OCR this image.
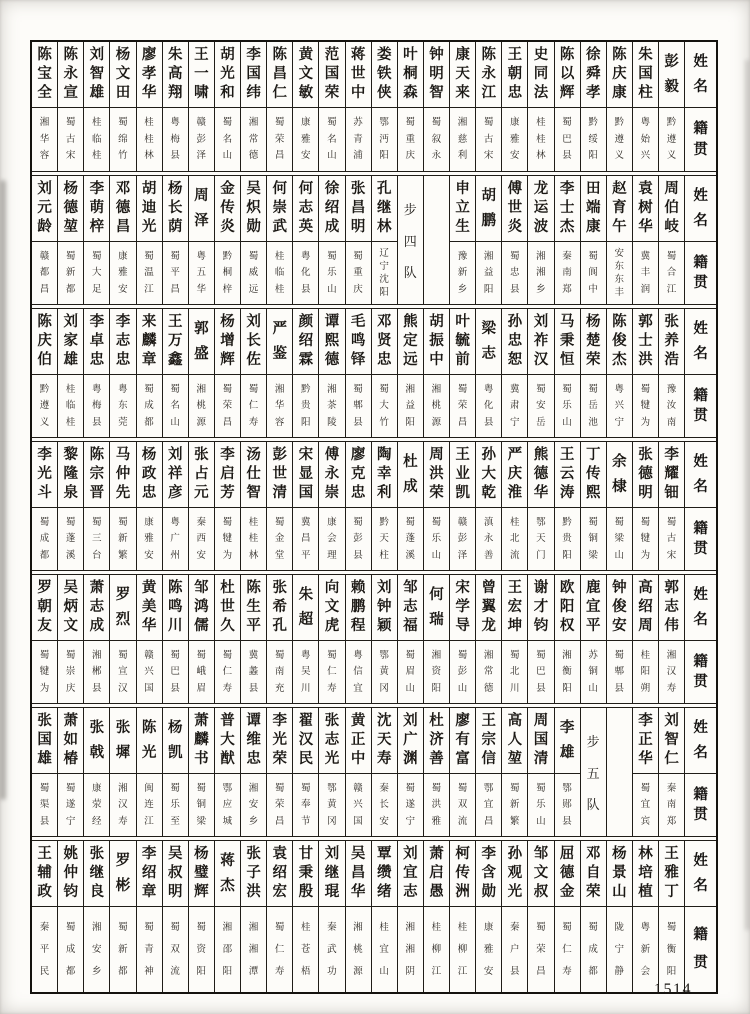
陈
宝
全
湘
华
容
陈
永
宣
蜀
古
宋
刘
智
雄
桂
临
桂
杨
文
田
蜀
绵
竹
廖
孝
华
桂
桂
林
朱
高
翔
粤
梅
县
王
一
啸
赣
彭
泽
胡
光
和
蜀
名
山
李
国
纬
湘
常
德
陈
昌
仁
蜀
荣
昌
黄
文
敏
康
雅
安
范
国
荣
蜀
名
山
蒋
世
中
苏
青
浦
娄
铁
侠
鄂
沔
阳
叶
桐
森
蜀
重
庆
钟
明
智
蜀
叙
永
康
天
来
湘
慈
利
陈
永
江
蜀
古
宋
王
朝
忠
康
雅
安
史
同
法
桂
桂
林
陈
以
辉
蜀
巴
县
徐
舜
孝
黔
绥
阳
陈
庆
康
黔
遵
义
朱
国
柱
粤
始
兴
彭
毅
黔
遵
义
姓
名
籍
贯
刘
元
龄
赣
都
昌
杨
德
堃
蜀
新
都
李
萌
梓
蜀
大
足
邓
德
昌
康
雅
安
胡
迪
光
蜀
温
江
杨
长
荫
蜀
平
昌
周
泽
粤
五
华
金
传
炎
黔
桐
梓
吴
炽
勋
蜀
威
远
何
崇
武
桂
临
桂
何
志
英
粤
化
县
徐
绍
成
蜀
乐
山
张
昌
明
蜀
重
庆
孔
继
林
辽
宁
沈
阳
步
四
队
申
立
生
豫
新
乡
胡
鹏
湘
益
阳
傅
世
炎
蜀
忠
县
龙
运
波
湘
湘
乡
李
士
杰
秦
南
郑
田
端
康
蜀
阆
中
赵
育
午
安
东
东
丰
袁
树
华
冀
丰
润
周
伯
岐
蜀
合
江
姓
名
籍
贯
陈
庆
伯
黔
遵
义
刘
家
雄
桂
临
桂
李
卓
忠
粤
梅
县
李
志
忠
粤
东
莞
来
麟
章
蜀
成
都
王
万
鑫
蜀
名
山
郭
盛
湘
桃
源
杨
增
辉
蜀
荣
昌
刘
长
佐
蜀
仁
寿
严
鉴
湘
华
容
颜
绍
霖
黔
贵
阳
谭
熙
德
湘
茶
陵
毛
鸣
铎
蜀
郫
县
邓
贤
忠
蜀
大
竹
熊
定
远
湘
益
阳
胡
振
中
湘
桃
源
叶
毓
前
蜀
荣
昌
梁
志
粤
化
县
孙
忠
恕
冀
肃
宁
刘
祚
汉
蜀
安
岳
马
秉
恒
蜀
乐
山
杨
楚
荣
蜀
岳
池
陈
俊
杰
粤
兴
宁
郭
士
洪
蜀
犍
为
张
养
浩
豫
汝
南
姓
名
籍
贯
李
光
斗
蜀
成
都
黎
隆
泉
蜀
蓬
溪
陈
宗
晋
蜀
三
台
马
仲
先
蜀
新
繁
杨
政
忠
康
雅
安
刘
祥
彦
粤
广
州
张
占
元
秦
西
安
李
启
芳
蜀
犍
为
汤
仕
智
桂
桂
林
彭
世
清
蜀
金
堂
宋
显
国
冀
昌
平
傅
永
崇
康
会
理
廖
克
忠
蜀
彭
县
陶
幸
利
黔
天
柱
杜
成
蜀
蓬
溪
周
洪
荣
蜀
乐
山
王
业
凯
赣
彭
泽
孙
大
乾
滇
永
善
严
庆
淮
桂
北
流
熊
德
华
鄂
天
门
王
云
涛
黔
贵
阳
丁
传
熙
蜀
铜
梁
余
棣
蜀
梁
山
张
德
明
蜀
犍
为
李
耀
钿
蜀
古
宋
姓
名
籍
贯
罗
朝
友
蜀
犍
为
吴
炳
文
蜀
崇
庆
萧
志
成
湘
郴
县
罗
烈
蜀
宣
汉
黄
美
华
赣
兴
国
陈
鸣
川
蜀
巴
县
邹
鸿
儒
蜀
峨
眉
杜
世
久
蜀
仁
寿
陈
生
平
冀
蠡
县
张
希
孔
蜀
南
充
朱
超
粤
吴
川
向
文
虎
蜀
仁
寿
赖
鹏
程
粤
信
宜
刘
钟
颖
鄂
黄
冈
邹
志
福
蜀
眉
山
何
瑞
湘
资
阳
宋
学
导
蜀
彭
山
曾
翼
龙
湘
常
德
王
宏
坤
蜀
北
川
谢
才
钧
蜀
巴
县
欧
阳
权
湘
衡
阳
鹿
宜
平
苏
铜
山
钟
俊
安
蜀
郫
县
高
绍
周
桂
阳
朔
郭
志
伟
湘
汉
寿
姓
名
籍
贯
张
国
雄
蜀
渠
县
萧
如
椿
蜀
遂
宁
张
戟
康
荥
经
张
墀
湘
汉
寿
陈
光
闽
连
江
杨
凯
蜀
乐
至
萧
麟
书
蜀
铜
梁
普
大
猷
鄂
应
城
谭
维
忠
湘
安
乡
李
光
荣
蜀
荣
昌
翟
汉
民
蜀
奉
节
张
志
光
鄂
黄
冈
黄
正
中
赣
兴
国
沈
天
寿
秦
长
安
刘
广
渊
蜀
遂
宁
杜
济
善
蜀
洪
雅
廖
有
富
蜀
双
流
王
宗
信
鄂
宜
昌
高
人
堃
蜀
新
繁
周
国
清
蜀
乐
山
李
雄
鄂
郧
县
步
五
队
李
正
华
蜀
宜
宾
刘
智
仁
秦
南
郑
姓
名
籍
贯
王
辅
政
秦
平
民
姚
仲
钧
蜀
成
都
张
继
良
湘
安
乡
罗
彬
蜀
新
都
李
绍
章
蜀
青
神
吴
叔
明
蜀
双
流
杨
璧
辉
蜀
资
阳
蒋
杰
湘
邵
阳
张
子
洪
湘
湘
潭
袁
绍
宏
蜀
仁
寿
甘
秉
殷
桂
苍
梧
刘
继
琨
秦
武
功
吴
昌
华
湘
桃
源
覃
缵
绪
桂
宜
山
刘
宜
志
湘
湘
阴
萧
启
愚
桂
柳
江
柯
传
洲
桂
柳
江
李
含
勋
康
雅
安
孙
观
光
秦
户
县
邹
文
叔
蜀
荣
昌
屈
德
金
蜀
仁
寿
邓
自
荣
蜀
成
都
杨
景
山
陇
宁
静
林
培
植
粤
新
会
王
雅
丁
蜀
衡
阳
姓
名
籍
贯
1514
